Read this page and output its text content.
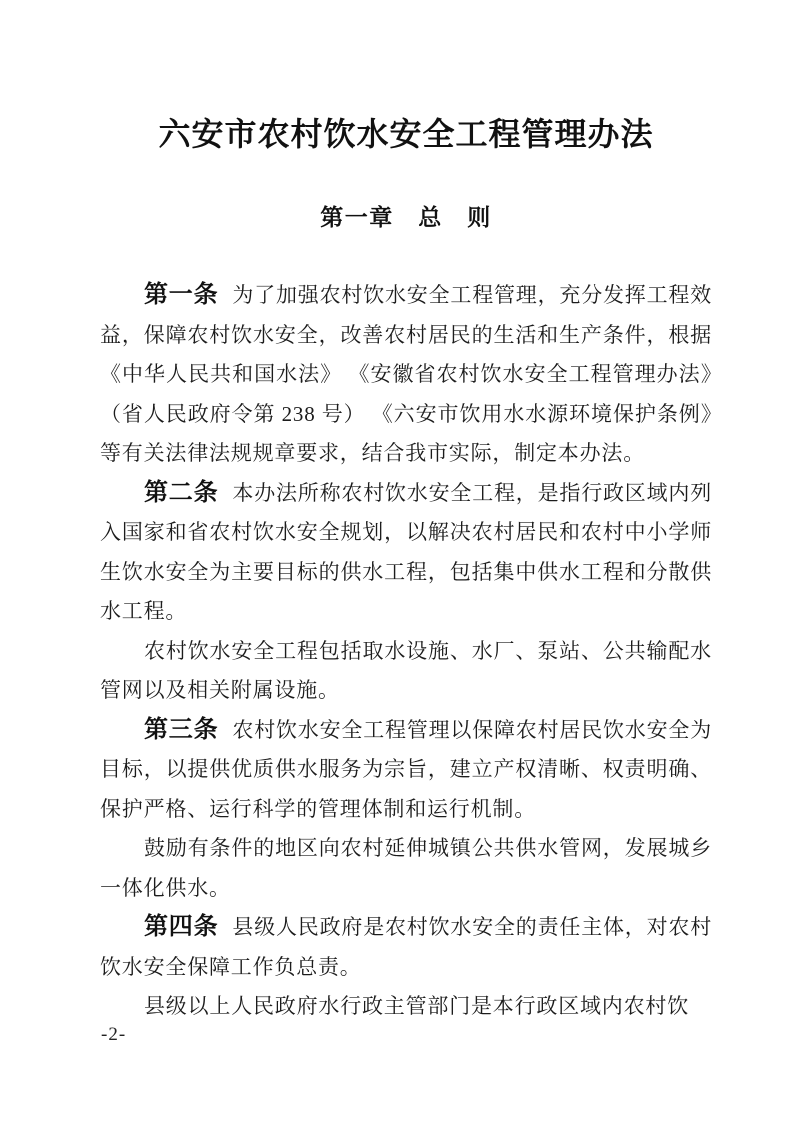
六安市农村饮水安全工程管理办法
第一章　总　则

第一条 为了加强农村饮水安全工程管理，充分发挥工程效益，保障农村饮水安全，改善农村居民的生活和生产条件，根据《中华人民共和国水法》 《安徽省农村饮水安全工程管理办法》（省人民政府令第 238 号） 《六安市饮用水水源环境保护条例》等有关法律法规规章要求，结合我市实际，制定本办法。

第二条 本办法所称农村饮水安全工程，是指行政区域内列入国家和省农村饮水安全规划，以解决农村居民和农村中小学师生饮水安全为主要目标的供水工程，包括集中供水工程和分散供水工程。

农村饮水安全工程包括取水设施、水厂、泵站、公共输配水管网以及相关附属设施。

第三条 农村饮水安全工程管理以保障农村居民饮水安全为目标，以提供优质供水服务为宗旨，建立产权清晰、权责明确、保护严格、运行科学的管理体制和运行机制。

鼓励有条件的地区向农村延伸城镇公共供水管网，发展城乡一体化供水。

第四条 县级人民政府是农村饮水安全的责任主体，对农村饮水安全保障工作负总责。

县级以上人民政府水行政主管部门是本行政区域内农村饮

-2-
